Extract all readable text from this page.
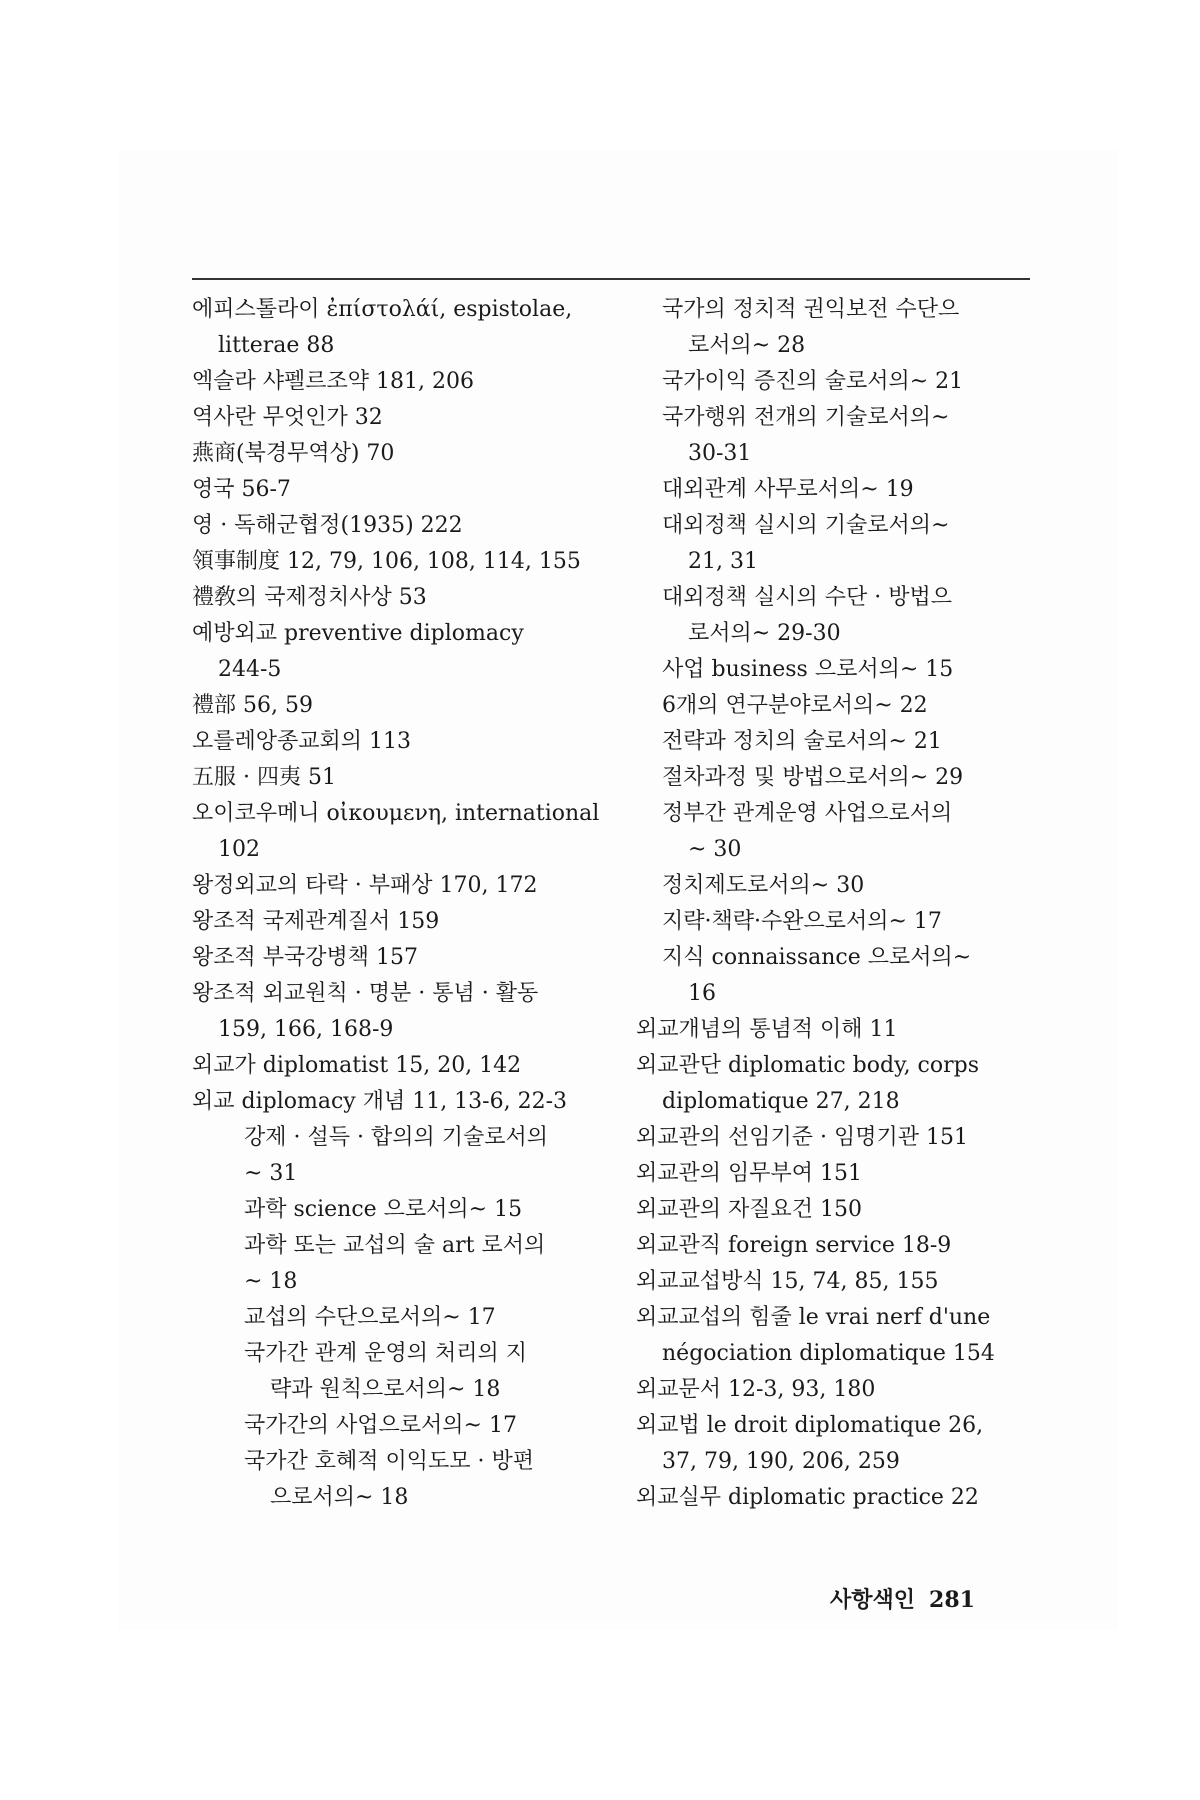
에피스톨라이 ἐπίστολάί, espistolae,
litterae 88
엑슬라 샤펠르조약 181, 206
역사란 무엇인가 32
燕商(북경무역상) 70
영국 56-7
영 · 독해군협정(1935) 222
領事制度 12, 79, 106, 108, 114, 155
禮敎의 국제정치사상 53
예방외교 preventive diplomacy
244-5
禮部 56, 59
오를레앙종교회의 113
五服 · 四夷 51
오이코우메니 οἰκουμενη, international
102
왕정외교의 타락 · 부패상 170, 172
왕조적 국제관계질서 159
왕조적 부국강병책 157
왕조적 외교원칙 · 명분 · 통념 · 활동
159, 166, 168-9
외교가 diplomatist 15, 20, 142
외교 diplomacy 개념 11, 13-6, 22-3
강제 · 설득 · 합의의 기술로서의
~ 31
과학 science 으로서의~ 15
과학 또는 교섭의 술 art 로서의
~ 18
교섭의 수단으로서의~ 17
국가간 관계 운영의 처리의 지
략과 원칙으로서의~ 18
국가간의 사업으로서의~ 17
국가간 호혜적 이익도모 · 방편
으로서의~ 18
국가의 정치적 권익보전 수단으
로서의~ 28
국가이익 증진의 술로서의~ 21
국가행위 전개의 기술로서의~
30-31
대외관계 사무로서의~ 19
대외정책 실시의 기술로서의~
21, 31
대외정책 실시의 수단 · 방법으
로서의~ 29-30
사업 business 으로서의~ 15
6개의 연구분야로서의~ 22
전략과 정치의 술로서의~ 21
절차과정 및 방법으로서의~ 29
정부간 관계운영 사업으로서의
~ 30
정치제도로서의~ 30
지략·책략·수완으로서의~ 17
지식 connaissance 으로서의~
16
외교개념의 통념적 이해 11
외교관단 diplomatic body, corps
diplomatique 27, 218
외교관의 선임기준 · 임명기관 151
외교관의 임무부여 151
외교관의 자질요건 150
외교관직 foreign service 18-9
외교교섭방식 15, 74, 85, 155
외교교섭의 힘줄 le vrai nerf d'une
négociation diplomatique 154
외교문서 12-3, 93, 180
외교법 le droit diplomatique 26,
37, 79, 190, 206, 259
외교실무 diplomatic practice 22
사항색인 281
